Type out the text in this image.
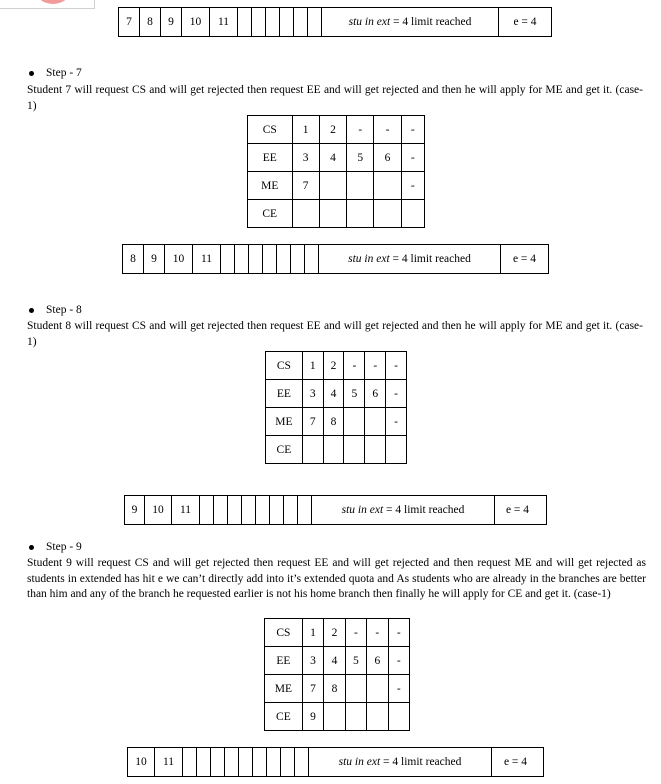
7	8	9	10	11	stu in ext
= 4 limit reached	e = 4
Step - 7
Student 7 will request CS and will get rejected then request EE and will get rejected and then he will apply for ME and get it. (case-1)
CS	1	2	-	-	-
EE	3	4	5	6	-
ME	7				-
CE					
8	9	10	11	stu in ext
= 4 limit reached	e = 4
Step - 8
Student 8 will request CS and will get rejected then request EE and will get rejected and then he will apply for ME and get it. (case-1)
CS	1	2	-	-	-
EE	3	4	5	6	-
ME	7	8			-
CE					
9	10	11	stu in ext
= 4 limit reached	e = 4
Step - 9
Student 9 will request CS and will get rejected then request EE and will get rejected and then request ME and will get rejected as students in extended has hit e we can’t directly add into it’s extended quota and As students who are already in the branches are better than him and any of the branch he requested earlier is not his home branch then finally he will apply for CE and get it. (case-1)
CS	1	2	-	-	-
EE	3	4	5	6	-
ME	7	8			-
CE	9				
10	11	stu in ext
= 4 limit reached	e = 4
